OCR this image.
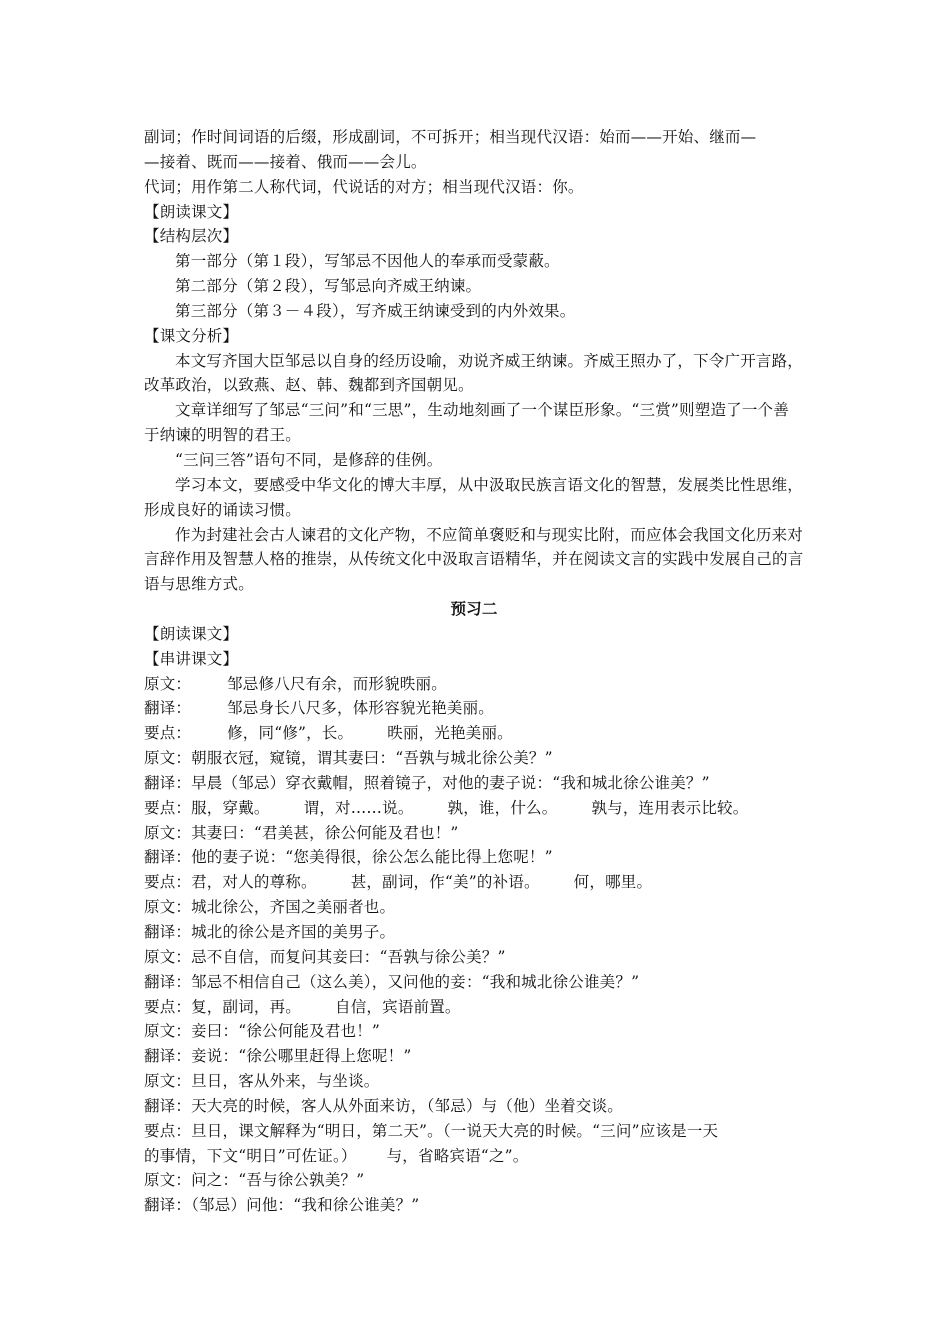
副词；作时间词语的后缀，形成副词，不可拆开；相当现代汉语：始而——开始、继而—

—接着、既而——接着、俄而——会儿。

代词；用作第二人称代词，代说话的对方；相当现代汉语：你。

【朗读课文】

【结构层次】

第一部分（第１段），写邹忌不因他人的奉承而受蒙蔽。

第二部分（第２段），写邹忌向齐威王纳谏。

第三部分（第３－４段），写齐威王纳谏受到的内外效果。

【课文分析】

本文写齐国大臣邹忌以自身的经历设喻，劝说齐威王纳谏。齐威王照办了，下令广开言路，改革政治，以致燕、赵、韩、魏都到齐国朝见。

文章详细写了邹忌“三问”和“三思”，生动地刻画了一个谋臣形象。“三赏”则塑造了一个善于纳谏的明智的君王。

“三问三答”语句不同，是修辞的佳例。

学习本文，要感受中华文化的博大丰厚，从中汲取民族言语文化的智慧，发展类比性思维，形成良好的诵读习惯。

作为封建社会古人谏君的文化产物，不应简单褒贬和与现实比附，而应体会我国文化历来对言辞作用及智慧人格的推崇，从传统文化中汲取言语精华，并在阅读文言的实践中发展自己的言语与思维方式。

预习二

【朗读课文】

【串讲课文】

原文： 邹忌修八尺有余，而形貌昳丽。

翻译： 邹忌身长八尺多，体形容貌光艳美丽。

要点： 修，同“修”，长。 昳丽，光艳美丽。

原文：朝服衣冠，窥镜，谓其妻曰：“吾孰与城北徐公美？”

翻译：早晨（邹忌）穿衣戴帽，照着镜子，对他的妻子说：“我和城北徐公谁美？”

要点：服，穿戴。 谓，对……说。 孰，谁，什么。 孰与，连用表示比较。

原文：其妻曰：“君美甚，徐公何能及君也！”

翻译：他的妻子说：“您美得很，徐公怎么能比得上您呢！”

要点：君，对人的尊称。 甚，副词，作“美”的补语。 何，哪里。

原文：城北徐公，齐国之美丽者也。

翻译：城北的徐公是齐国的美男子。

原文：忌不自信，而复问其妾曰：“吾孰与徐公美？”

翻译：邹忌不相信自己（这么美），又问他的妾：“我和城北徐公谁美？”

要点：复，副词，再。 自信，宾语前置。

原文：妾曰：“徐公何能及君也！”

翻译：妾说：“徐公哪里赶得上您呢！”

原文：旦日，客从外来，与坐谈。

翻译：天大亮的时候，客人从外面来访，（邹忌）与（他）坐着交谈。

要点：旦日，课文解释为“明日，第二天”。（一说天大亮的时候。“三问”应该是一天

的事情，下文“明日”可佐证。） 与，省略宾语“之”。

原文：问之：“吾与徐公孰美？”

翻译：（邹忌）问他：“我和徐公谁美？”
